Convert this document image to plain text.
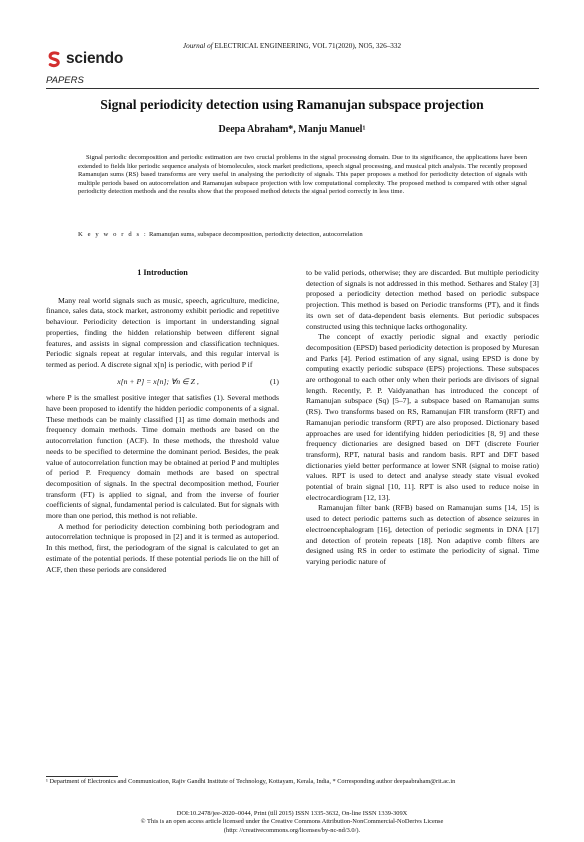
Journal of ELECTRICAL ENGINEERING, VOL 71(2020), NO5, 326–332
sciendo
PAPERS
Signal periodicity detection using Ramanujan subspace projection
Deepa Abraham*, Manju Manuel¹

Signal periodic decomposition and periodic estimation are two crucial problems in the signal processing domain. Due to its significance, the applications have been extended to fields like periodic sequence analysis of biomolecules, stock market predictions, speech signal processing, and musical pitch analysis. The recently proposed Ramanujan sums (RS) based transforms are very useful in analysing the periodicity of signals. This paper proposes a method for periodicity detection of signals with multiple periods based on autocorrelation and Ramanujan subspace projection with low computational complexity. The proposed method is compared with other signal periodicity detection methods and the results show that the proposed method detects the signal period correctly in less time.

K e y w o r d s : Ramanujan sums, subspace decomposition, periodicity detection, autocorrelation

1 Introduction

Many real world signals such as music, speech, agriculture, medicine, finance, sales data, stock market, astronomy exhibit periodic and repetitive behaviour. Periodicity detection is important in understanding signal properties, finding the hidden relationship between different signal features, and assists in signal compression and classification techniques. Periodic signals repeat at regular intervals, and this regular interval is termed as period. A discrete signal x[n] is periodic, with period P if

x[n + P] = x[n]; ∀n ∈ Z ,	(1)

where P is the smallest positive integer that satisfies (1). Several methods have been proposed to identify the hidden periodic components of a signal. These methods can be mainly classified [1] as time domain methods and frequency domain methods. Time domain methods are based on the autocorrelation function (ACF). In these methods, the threshold value needs to be specified to determine the dominant period. Besides, the peak value of autocorrelation function may be obtained at period P and multiples of period P. Frequency domain methods are based on spectral decomposition of signals. In the spectral decomposition method, Fourier transform (FT) is applied to signal, and from the inverse of fourier coefficients of signal, fundamental period is calculated. But for signals with more than one period, this method is not reliable.

A method for periodicity detection combining both periodogram and autocorrelation technique is proposed in [2] and it is termed as autoperiod. In this method, first, the periodogram of the signal is calculated to get an estimate of the potential periods. If these potential periods lie on the hill of ACF, then these periods are considered

to be valid periods, otherwise; they are discarded. But multiple periodicity detection of signals is not addressed in this method. Sethares and Staley [3] proposed a periodicity detection method based on periodic subspace projection. This method is based on Periodic transforms (PT), and it finds its own set of data-dependent basis elements. But periodic subspaces constructed using this technique lacks orthogonality.

The concept of exactly periodic signal and exactly periodic decomposition (EPSD) based periodicity detection is proposed by Muresan and Parks [4]. Period estimation of any signal, using EPSD is done by computing exactly periodic subspace (EPS) projections. These subspaces are orthogonal to each other only when their periods are divisors of signal length. Recently, P. P. Vaidyanathan has introduced the concept of Ramanujan subspace (Sq) [5–7], a subspace based on Ramanujan sums (RS). Two transforms based on RS, Ramanujan FIR transform (RFT) and Ramanujan periodic transform (RPT) are also proposed. Dictionary based approaches are used for identifying hidden periodicities [8, 9] and these frequency dictionaries are designed based on DFT (discrete Fourier transform), RPT, natural basis and random basis. RPT and DFT based dictionaries yield better performance at lower SNR (signal to moise ratio) values. RPT is used to detect and analyse steady state visual evoked potential of brain signal [10, 11]. RPT is also used to reduce noise in electrocardiogram [12, 13].

Ramanujan filter bank (RFB) based on Ramanujan sums [14, 15] is used to detect periodic patterns such as detection of absence seizures in electroencephalogram [16], detection of periodic segments in DNA [17] and detection of protein repeats [18]. Non adaptive comb filters are designed using RS in order to estimate the periodicity of signal. Time varying periodic nature of

¹ Department of Electronics and Communication, Rajiv Gandhi Institute of Technology, Kottayam, Kerala, India, * Corresponding author deepaabraham@rit.ac.in

DOI:10.2478/jee-2020–0044, Print (till 2015) ISSN 1335-3632, On-line ISSN 1339-309X
© This is an open access article licensed under the Creative Commons Attribution-NonCommercial-NoDerivs License
(http: //creativecommons.org/licenses/by-nc-nd/3.0/).
